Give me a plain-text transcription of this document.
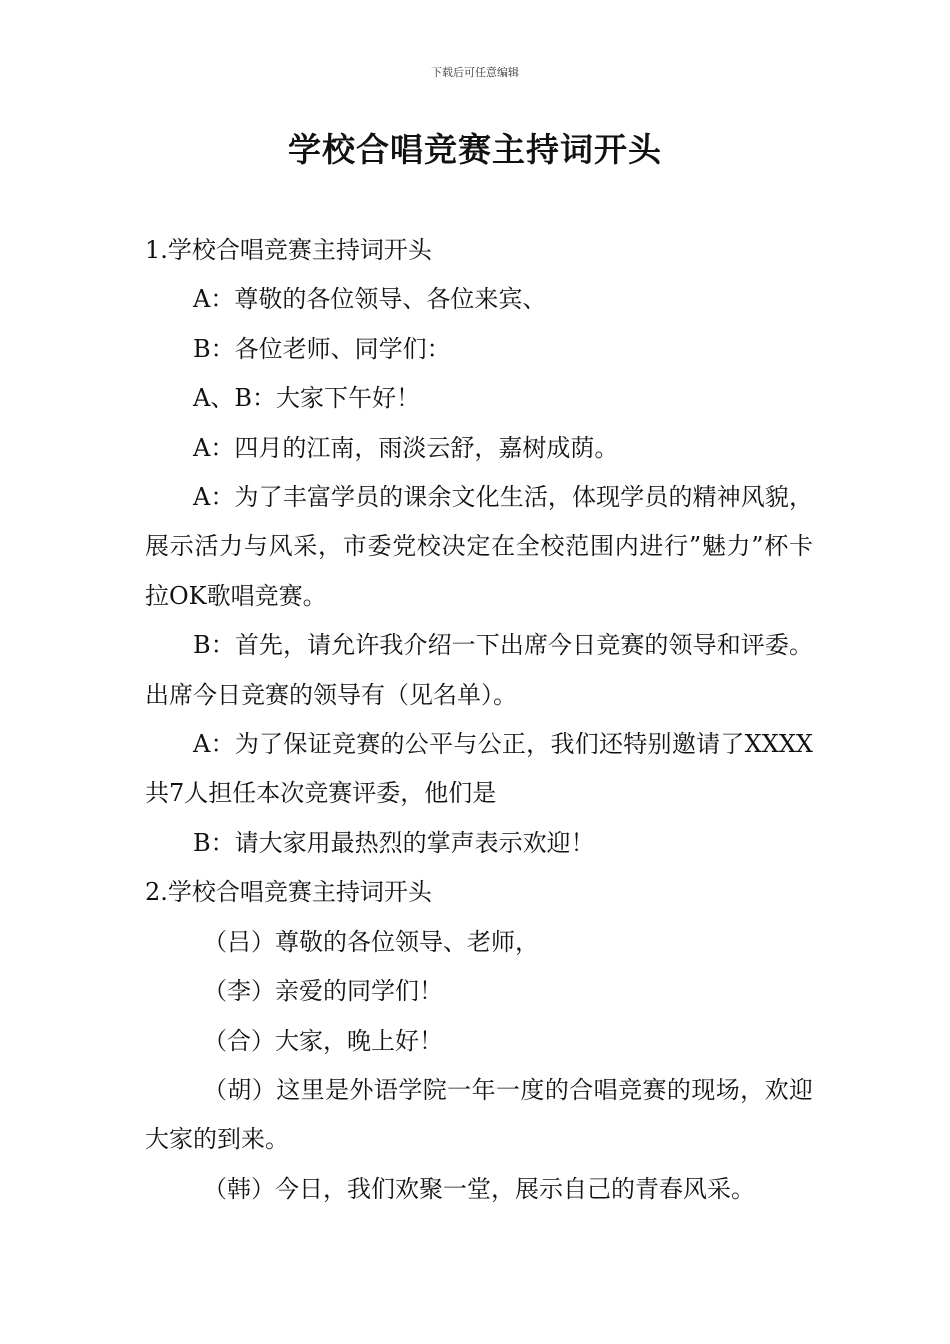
下载后可任意编辑
学校合唱竞赛主持词开头

1.学校合唱竞赛主持词开头

A：尊敬的各位领导、各位来宾、

B：各位老师、同学们：

A、B：大家下午好！

A：四月的江南，雨淡云舒，嘉树成荫。

A：为了丰富学员的课余文化生活，体现学员的精神风貌，展示活力与风采，市委党校决定在全校范围内进行”魅力”杯卡拉OK歌唱竞赛。

B：首先，请允许我介绍一下出席今日竞赛的领导和评委。出席今日竞赛的领导有（见名单）。

A：为了保证竞赛的公平与公正，我们还特别邀请了XXXX共7人担任本次竞赛评委，他们是

B：请大家用最热烈的掌声表示欢迎！

2.学校合唱竞赛主持词开头

（吕）尊敬的各位领导、老师，

（李）亲爱的同学们！

（合）大家，晚上好！

（胡）这里是外语学院一年一度的合唱竞赛的现场，欢迎大家的到来。

（韩）今日，我们欢聚一堂，展示自己的青春风采。
